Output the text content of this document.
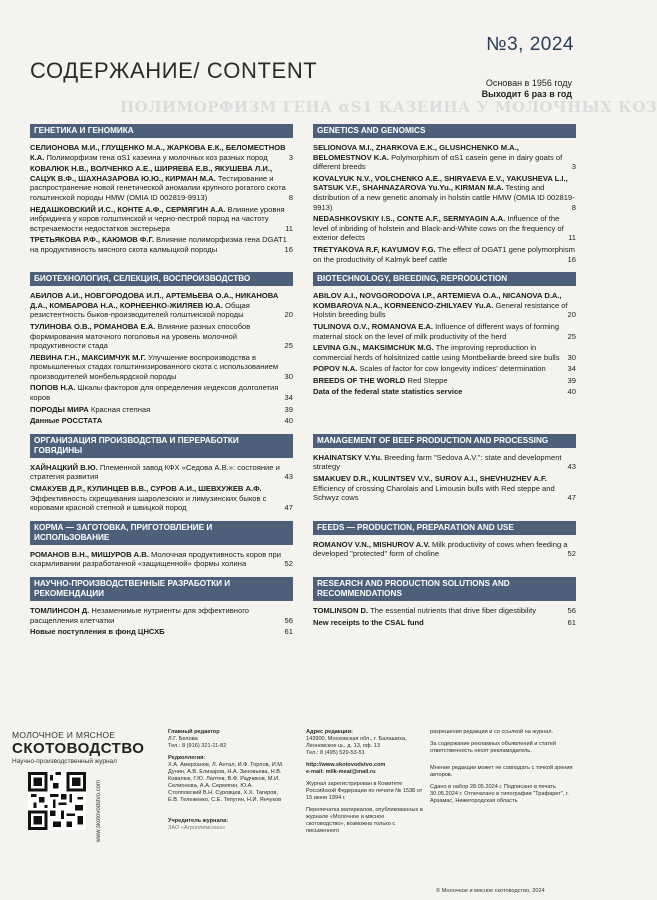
№3, 2024
СОДЕРЖАНИЕ/ CONTENT	Основан в 1956 году
Выходит 6 раз в год
ПОЛИМОРФИЗМ ГЕНА αS1 КАЗЕИНА У МОЛОЧНЫХ КОЗ
ГЕНЕТИКА И ГЕНОМИКА
СЕЛИОНОВА М.И., ГЛУЩЕНКО М.А., ЖАРКОВА Е.К., БЕЛОМЕСТНОВ К.А. Полиморфизм гена αS1 казеина у молочных коз разных пород	3
КОВАЛЮК Н.В., ВОЛЧЕНКО А.Е., ШИРЯЕВА Е.В., ЯКУШЕВА Л.И., САЦУК В.Ф., ШАХНАЗАРОВА Ю.Ю., КИРМАН М.А. Тестирование и распространение новой генетической аномалии крупного рогатого скота голштинской породы HMW (OMIA ID 002819-9913)	8
НЕДАШКОВСКИЙ И.С., КОНТЕ А.Ф., СЕРМЯГИН А.А. Влияние уровня инбридинга у коров голштинской и черно-пестрой пород на частоту встречаемости недостатков экстерьера	11
ТРЕТЬЯКОВА Р.Ф., КАЮМОВ Ф.Г. Влияние полиморфизма гена DGAT1 на продуктивность мясного скота калмыцкой породы	16
GENETICS AND GENOMICS
SELIONOVA M.I., ZHARKOVA E.K., GLUSHCHENKO M.A., BELOMESTNOV K.A. Polymorphism of αS1 casein gene in dairy goats of different breeds	3
KOVALYUK N.V., VOLCHENKO A.E., SHIRYAEVA E.V., YAKUSHEVA L.I., SATSUK V.F., SHAHNAZAROVA Yu.Yu., KIRMAN M.A. Testing and distribution of a new genetic anomaly in holstin cattle HMW (OMIA ID 002819-9913)	8
NEDASHKOVSKIY I.S., CONTE A.F., SERMYAGIN A.A. Influence of the level of inbriding of holstein and Black-and-White cows on the frequency of exterior defects	11
TRETYAKOVA R.F, KAYUMOV F.G. The effect of DGAT1 gene polymorphism on the productivity of Kalmyk beef cattle	16
БИОТЕХНОЛОГИЯ, СЕЛЕКЦИЯ, ВОСПРОИЗВОДСТВО
АБИЛОВ А.И., НОВГОРОДОВА И.П., АРТЕМЬЕВА О.А., НИКАНОВА Д.А., КОМБАРОВА Н.А., КОРНЕЕНКО-ЖИЛЯЕВ Ю.А. Общая резистентность быков-производителей голштинской породы	20
ТУЛИНОВА О.В., РОМАНОВА Е.А. Влияние разных способов формирования маточного поголовья на уровень молочной продуктивности стада	25
ЛЕВИНА Г.Н., МАКСИМЧУК М.Г. Улучшение воспроизводства в промышленных стадах голштинизированного скота с использованием производителей монбельярдской породы	30
ПОПОВ Н.А. Шкалы факторов для определения индексов долголетия коров	34
ПОРОДЫ МИРА Красная степная	39
Данные РОССТАТА	40
BIOTECHNOLOGY, BREEDING, REPRODUCTION
ABILOV A.I., NOVGORODOVA I.P., ARTEMIEVA O.A., NICANOVA D.A., KOMBAROVA N.A., KORNEENCO-ZHILYAEV Yu.A. General resistance of Holstin breeding bulls	20
TULINOVA O.V., ROMANOVA E.A. Influence of different ways of forming maternal stock on the level of milk productivity of the herd	25
LEVINA G.N., MAKSIMCHUK M.G. The improving reproduction in commercial herds of holsitnized cattle using Montbeliarde breed sire bulls 30
POPOV N.A. Scales of factor for cow longevity indices' determination	34
BREEDS OF THE WORLD Red Steppe	39
Data of the federal state statistics service	40
ОРГАНИЗАЦИЯ ПРОИЗВОДСТВА И ПЕРЕРАБОТКИ ГОВЯДИНЫ
ХАЙНАЦКИЙ В.Ю. Племенной завод КФХ «Седова А.В.»: состояние и стратегия развития	43
СМАКУЕВ Д.Р., КУЛИНЦЕВ В.В., СУРОВ А.И., ШЕВХУЖЕВ А.Ф. Эффективность скрещивания шаролезских и лимузинских быков с коровами красной степной и швицкой пород	47
MANAGEMENT OF BEEF PRODUCTION AND PROCESSING
KHAINATSKY V.Yu. Breeding farm "Sedova A.V.": state and development strategy	43
SMAKUEV D.R., KULINTSEV V.V., SUROV A.I., SHEVHUZHEV A.F. Efficiency of crossing Charolais and Limousin bulls with Red steppe and Schwyz cows	47
КОРМА — ЗАГОТОВКА, ПРИГОТОВЛЕНИЕ И ИСПОЛЬЗОВАНИЕ
РОМАНОВ В.Н., МИШУРОВ А.В. Молочная продуктивность коров при скармливании разработанной «защищенной» формы холина	52
FEEDS — PRODUCTION, PREPARATION AND USE
ROMANOV V.N., MISHUROV A.V. Milk productivity of cows when feeding a developed "protected" form of choline	52
НАУЧНО-ПРОИЗВОДСТВЕННЫЕ РАЗРАБОТКИ И РЕКОМЕНДАЦИИ
ТОМЛИНСОН Д. Незаменимые нутриенты для эффективного расщепления клетчатки	56
Новые поступления в фонд ЦНСХБ	61
RESEARCH AND PRODUCTION SOLUTIONS AND RECOMMENDATIONS
TOMLINSON D. The essential nutrients that drive fiber digestibility	56
New receipts to the CSAL fund	61
МОЛОЧНОЕ И МЯСНОЕ
СКОТОВОДСТВО
Научно-производственный журнал
www.skotovodstvo.com

Главный редактор
Л.Г. Белова
Тел.: 8 (916) 321-11-82

Редколлегия:
Х.А. Амерханов, Л. Антал, И.Ф. Горлов, И.М. Дунин, А.В. Елизаров, Н.А. Зиновьева, Н.В. Ковалюк, Г.Ю. Лаптев, В.Ф. Радчиков, М.И. Селионова, А.А. Сермягин, Ю.А. Столповский В.Н. Суровцев, Х.Х. Тагиров, Е.В. Тележенко, С.Е. Тяпугин, Н.И. Янчуков

Учредитель журнала:
ЗАО «Агроплемсоюз»

Адрес редакции:
143900, Московская обл., г. Балашиха, Леоновское ш., д. 13, оф. 13
Тел.: 8 (495) 529-53-51

http://www.skotovodstvo.com
e-mail: milk-meat@mail.ru

Журнал зарегистрирован в Комитете Российской Федерации по печати № 1538 от 15 июня 1994 г.

Перепечатка материалов, опубликованных в журнале «Молочное и мясное скотоводство», возможна только с письменного

разрешения редакции и со ссылкой на журнал.

За содержание рекламных объявлений и статей ответственность несет рекламодатель.

Мнение редакции может не совпадать с точкой зрения авторов.

Сдано в набор 28.05.2024 г. Подписано в печать 30.05.2024 г. Отпечатано в типографии "Трафарет", г. Арзамас, Нижегородская область

© Молочное и мясное скотоводство, 2024
